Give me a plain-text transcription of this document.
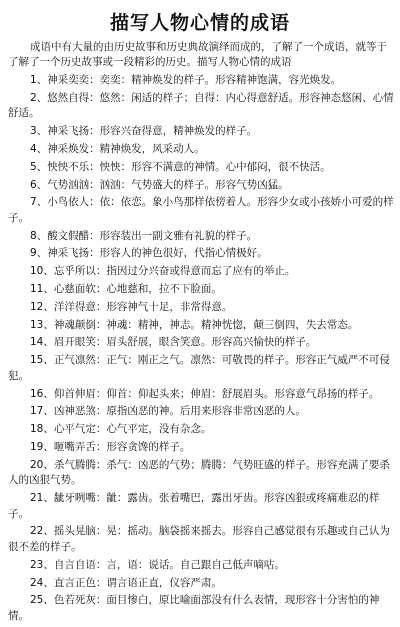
描写人物心情的成语

成语中有大量的由历史故事和历史典故演绎而成的，了解了一个成语，就等于了解了一个历史故事或一段精彩的历史。描写人物心情的成语

1 、 神采奕奕：奕奕：精神焕发的样子。形容精神饱满，容光焕发。
2 、 悠然自得：悠然：闲适的样子；自得：内心得意舒适。形容神态悠闲、心情舒适。
3 、 神采飞扬：形容兴奋得意，精神焕发的样子。
4 、 神采焕发：精神焕发，风采动人。
5 、 怏怏不乐：怏怏：形容不满意的神情。心中郁闷，很不快活。
6 、 气势汹汹：汹汹：气势盛大的样子。形容气势凶猛。
7 、 小鸟依人：依：依恋。象小鸟那样依傍着人。形容少女或小孩娇小可爱的样子。
8 、 酸文假醋：形容装出一副文雅有礼貌的样子。
9 、 神采飞扬：形容人的神色很好，代指心情极好。
10 、 忘乎所以：指因过分兴奋或得意而忘了应有的举止。
11 、 心慈面软：心地慈和，拉不下脸面。
12 、 洋洋得意：形容神气十足，非常得意。
13 、 神魂颠倒：神魂：精神，神志。精神恍惚，颠三倒四，失去常态。
14 、 眉开眼笑：眉头舒展，眼含笑意。形容高兴愉快的样子。
15 、 正气凛然：正气：刚正之气。凛然：可敬畏的样子。形容正气威严不可侵犯。
16 、 仰首伸眉：仰首：仰起头来；伸眉：舒展眉头。形容意气昂扬的样子。
17 、 凶神恶煞：原指凶恶的神。后用来形容非常凶恶的人。
18 、 心平气定：心气平定，没有杂念。
19 、 咂嘴弄舌：形容贪馋的样子。
20 、 杀气腾腾：杀气：凶恶的气势；腾腾：气势旺盛的样子。形容充满了要杀人的凶狠气势。
21 、 龇牙咧嘴：龇：露齿。张着嘴巴，露出牙齿。形容凶狠或疼痛难忍的样子。
22 、 摇头晃脑：晃：摇动。脑袋摇来摇去。形容自己感觉很有乐趣或自己认为很不差的样子。
23 、 自言自语：言，语：说话。自己跟自己低声嘀咕。
24 、 直言正色：谓言语正直，仪容严肃。
25 、 色若死灰：面目惨白，原比喻面部没有什么表情，现形容十分害怕的神情。
